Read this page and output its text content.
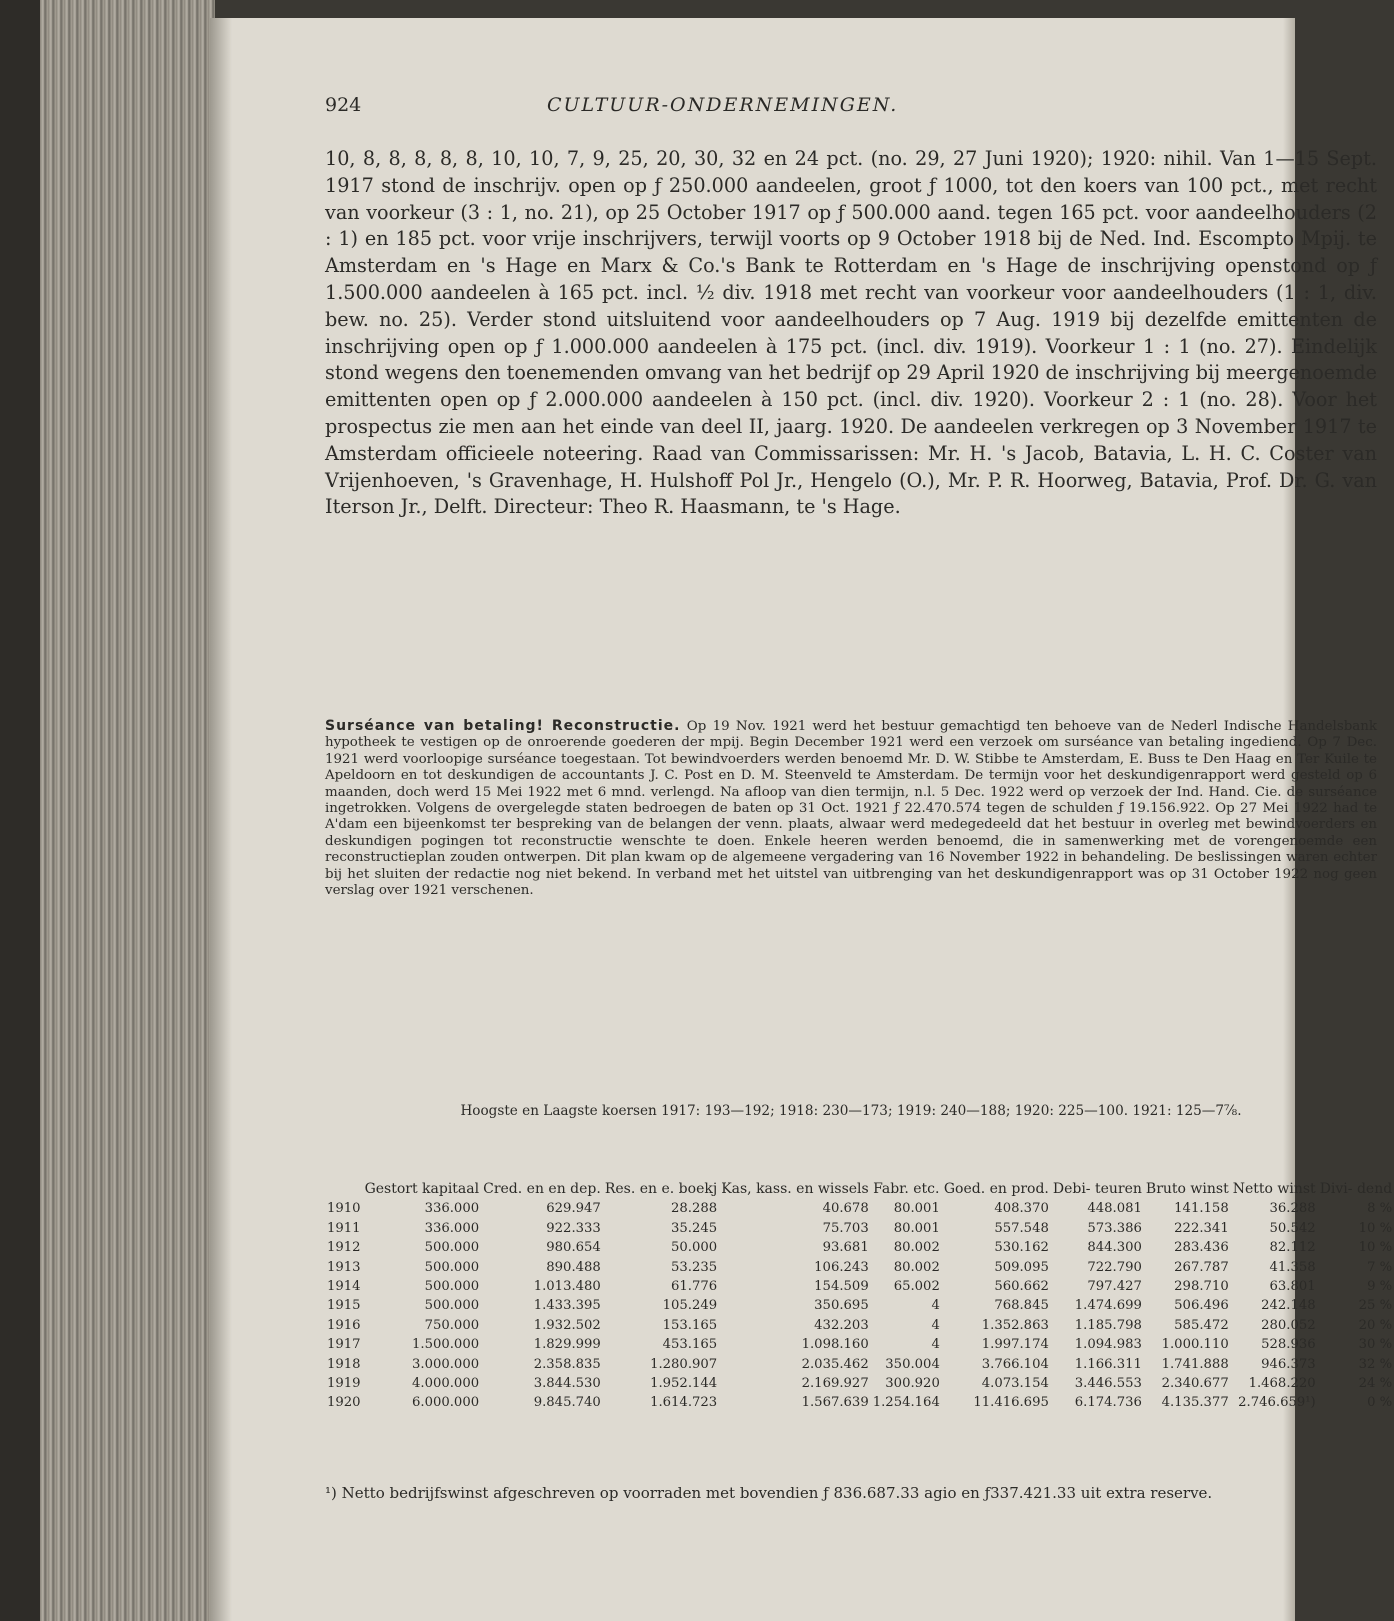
924	CULTUUR-ONDERNEMINGEN.

10, 8, 8, 8, 8, 8, 10, 10, 7, 9, 25, 20, 30, 32 en 24 pct. (no. 29, 27 Juni 1920); 1920: nihil. Van 1—15 Sept. 1917 stond de inschrijv. open op ƒ 250.000 aandeelen, groot ƒ 1000, tot den koers van 100 pct., met recht van voorkeur (3 : 1, no. 21), op 25 October 1917 op ƒ 500.000 aand. tegen 165 pct. voor aandeelhouders (2 : 1) en 185 pct. voor vrije inschrijvers, terwijl voorts op 9 October 1918 bij de Ned. Ind. Escompto Mpij. te Amsterdam en 's Hage en Marx & Co.'s Bank te Rotterdam en 's Hage de inschrijving openstond op ƒ 1.500.000 aandeelen à 165 pct. incl. ½ div. 1918 met recht van voorkeur voor aandeelhouders (1 : 1, div. bew. no. 25). Verder stond uitsluitend voor aandeelhouders op 7 Aug. 1919 bij dezelfde emittenten de inschrijving open op ƒ 1.000.000 aandeelen à 175 pct. (incl. div. 1919). Voorkeur 1 : 1 (no. 27). Eindelijk stond wegens den toenemenden omvang van het bedrijf op 29 April 1920 de inschrijving bij meergenoemde emittenten open op ƒ 2.000.000 aandeelen à 150 pct. (incl. div. 1920). Voorkeur 2 : 1 (no. 28). Voor het prospectus zie men aan het einde van deel II, jaarg. 1920. De aandeelen verkregen op 3 November 1917 te Amsterdam officieele noteering. Raad van Commissarissen: Mr. H. 's Jacob, Batavia, L. H. C. Coster van Vrijenhoeven, 's Gravenhage, H. Hulshoff Pol Jr., Hengelo (O.), Mr. P. R. Hoorweg, Batavia, Prof. Dr. G. van Iterson Jr., Delft. Directeur: Theo R. Haasmann, te 's Hage.

Surséance van betaling! Reconstructie. Op 19 Nov. 1921 werd het bestuur gemachtigd ten behoeve van de Nederl Indische Handelsbank hypotheek te vestigen op de onroerende goederen der mpij. Begin December 1921 werd een verzoek om surséance van betaling ingediend. Op 7 Dec. 1921 werd voorloopige surséance toegestaan. Tot bewindvoerders werden benoemd Mr. D. W. Stibbe te Amsterdam, E. Buss te Den Haag en Ter Kuile te Apeldoorn en tot deskundigen de accountants J. C. Post en D. M. Steenveld te Amsterdam. De termijn voor het deskundigenrapport werd gesteld op 6 maanden, doch werd 15 Mei 1922 met 6 mnd. verlengd. Na afloop van dien termijn, n.l. 5 Dec. 1922 werd op verzoek der Ind. Hand. Cie. de surséance ingetrokken. Volgens de overgelegde staten bedroegen de baten op 31 Oct. 1921 ƒ 22.470.574 tegen de schulden ƒ 19.156.922. Op 27 Mei 1922 had te A'dam een bijeenkomst ter bespreking van de belangen der venn. plaats, alwaar werd medegedeeld dat het bestuur in overleg met bewindvoerders en deskundigen pogingen tot reconstructie wenschte te doen. Enkele heeren werden benoemd, die in samenwerking met de vorengenoemde een reconstructieplan zouden ontwerpen. Dit plan kwam op de algemeene vergadering van 16 November 1922 in behandeling. De beslissingen waren echter bij het sluiten der redactie nog niet bekend. In verband met het uitstel van uitbrenging van het deskundigenrapport was op 31 October 1922 nog geen verslag over 1921 verschenen.

Hoogste en Laagste koersen 1917: 193—192; 1918: 230—173; 1919: 240—188; 1920: 225—100. 1921: 125—7⅞.

	Gestort kapitaal	Cred. en en dep.	Res. en e. boekj	Kas, kass. en wissels	Fabr. etc.	Goed. en prod.	Debi- teuren	Bruto winst	Netto winst	Divi- dend
1910	336.000	629.947	28.288	40.678	80.001	408.370	448.081	141.158	36.288	8 %
1911	336.000	922.333	35.245	75.703	80.001	557.548	573.386	222.341	50.542	10 %
1912	500.000	980.654	50.000	93.681	80.002	530.162	844.300	283.436	82.112	10 %
1913	500.000	890.488	53.235	106.243	80.002	509.095	722.790	267.787	41.358	7 %
1914	500.000	1.013.480	61.776	154.509	65.002	560.662	797.427	298.710	63.801	9 %
1915	500.000	1.433.395	105.249	350.695	4	768.845	1.474.699	506.496	242.148	25 %
1916	750.000	1.932.502	153.165	432.203	4	1.352.863	1.185.798	585.472	280.052	20 %
1917	1.500.000	1.829.999	453.165	1.098.160	4	1.997.174	1.094.983	1.000.110	528.936	30 %
1918	3.000.000	2.358.835	1.280.907	2.035.462	350.004	3.766.104	1.166.311	1.741.888	946.373	32 %
1919	4.000.000	3.844.530	1.952.144	2.169.927	300.920	4.073.154	3.446.553	2.340.677	1.468.220	24 %
1920	6.000.000	9.845.740	1.614.723	1.567.639	1.254.164	11.416.695	6.174.736	4.135.377	2.746.659¹)	0 %

¹) Netto bedrijfswinst afgeschreven op voorraden met bovendien ƒ 836.687.33 agio en ƒ337.421.33 uit extra reserve.
